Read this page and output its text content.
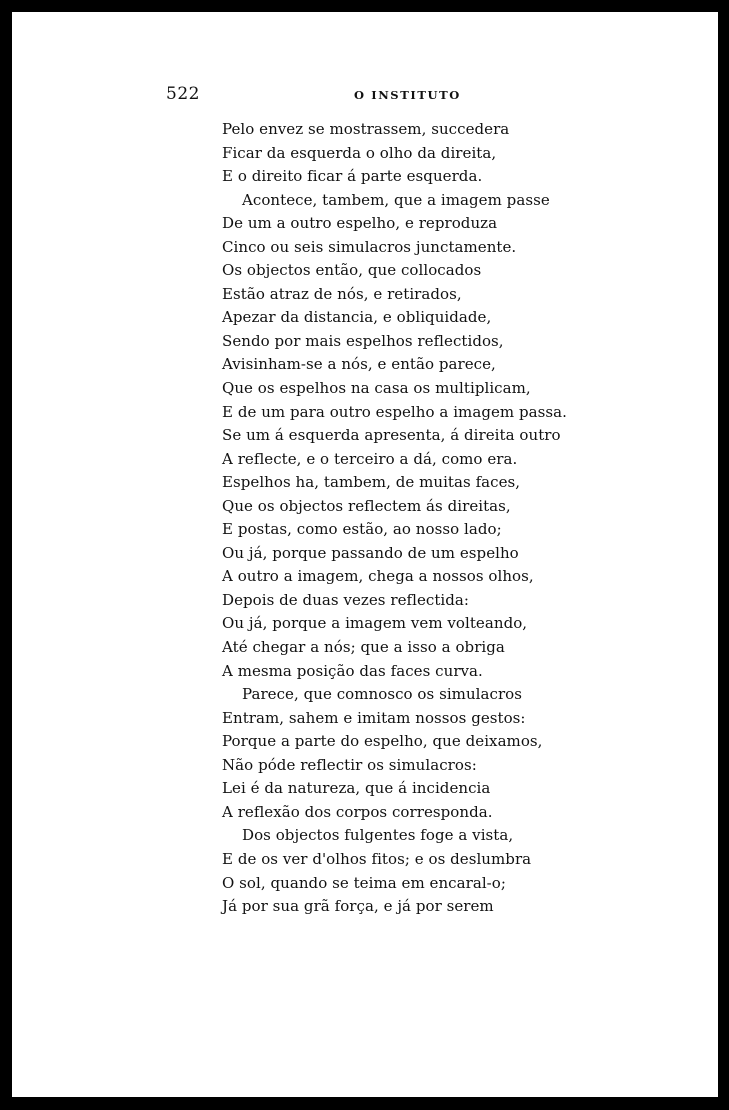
522	O INSTITUTO
Pelo envez se mostrassem, succedera
Ficar da esquerda o olho da direita,
E o direito ficar á parte esquerda.
Acontece, tambem, que a imagem passe
De um a outro espelho, e reproduza
Cinco ou seis simulacros junctamente.
Os objectos então, que collocados
Estão atraz de nós, e retirados,
Apezar da distancia, e obliquidade,
Sendo por mais espelhos reflectidos,
Avisinham-se a nós, e então parece,
Que os espelhos na casa os multiplicam,
E de um para outro espelho a imagem passa.
Se um á esquerda apresenta, á direita outro
A reflecte, e o terceiro a dá, como era.
Espelhos ha, tambem, de muitas faces,
Que os objectos reflectem ás direitas,
E postas, como estão, ao nosso lado;
Ou já, porque passando de um espelho
A outro a imagem, chega a nossos olhos,
Depois de duas vezes reflectida:
Ou já, porque a imagem vem volteando,
Até chegar a nós; que a isso a obriga
A mesma posição das faces curva.
Parece, que comnosco os simulacros
Entram, sahem e imitam nossos gestos:
Porque a parte do espelho, que deixamos,
Não póde reflectir os simulacros:
Lei é da natureza, que á incidencia
A reflexão dos corpos corresponda.
Dos objectos fulgentes foge a vista,
E de os ver d'olhos fitos; e os deslumbra
O sol, quando se teima em encaral-o;
Já por sua grã força, e já por serem
